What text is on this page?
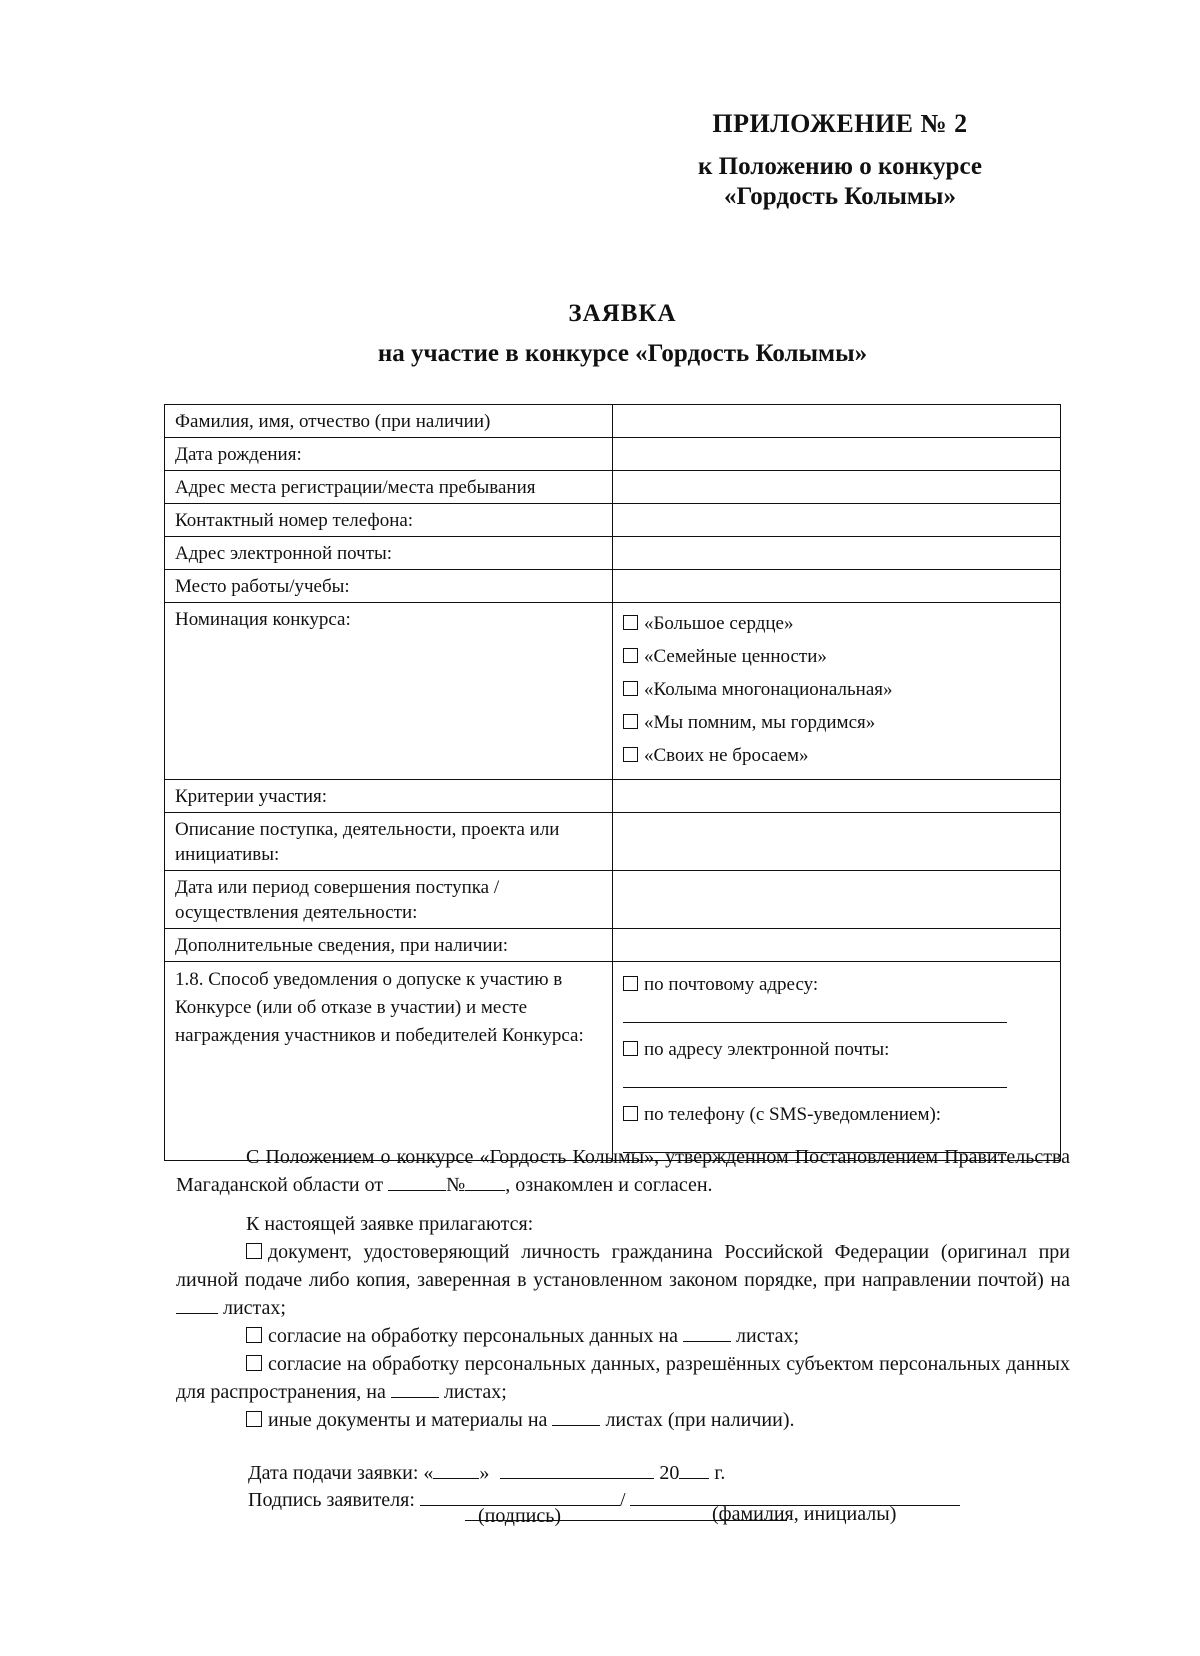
ПРИЛОЖЕНИЕ № 2
к Положению о конкурсе
«Гордость Колымы»
ЗАЯВКА
на участие в конкурсе «Гордость Колымы»
Фамилия, имя, отчество (при наличии)	
Дата рождения:	
Адрес места регистрации/места пребывания	
Контактный номер телефона:	
Адрес электронной почты:	
Место работы/учебы:	
Номинация конкурса:	«Большое сердце»
«Семейные ценности»
«Колыма многонациональная»
«Мы помним, мы гордимся»
«Своих не бросаем»

Критерии участия:	
Описание поступка, деятельности, проекта или инициативы:	
Дата или период совершения поступка / осуществления деятельности:	
Дополнительные сведения, при наличии:	
1.8. Способ уведомления о допуске к участию в Конкурсе (или об отказе в участии) и месте награждения участников и победителей Конкурса:	по почтовому адресу:
по адресу электронной почты:
по телефону (с SMS-уведомлением):
С Положением о конкурсе «Гордость Колымы», утвержденном Постановлением Правительства Магаданской области от	№ , ознакомлен и согласен.
К настоящей заявке прилагаются:
документ, удостоверяющий личность гражданина Российской Федерации (оригинал при личной подаче либо копия, заверенная в установленном законом порядке, при направлении почтой) на  листах;
согласие на обработку персональных данных на	листах;
согласие на обработку персональных данных, разрешённых субъектом персональных данных для распространения, на	листах;
иные документы и материалы на	листах (при наличии).
Дата подачи заявки: « »	20 г.
Подпись заявителя:	/
(подпись)	(фамилия, инициалы)
